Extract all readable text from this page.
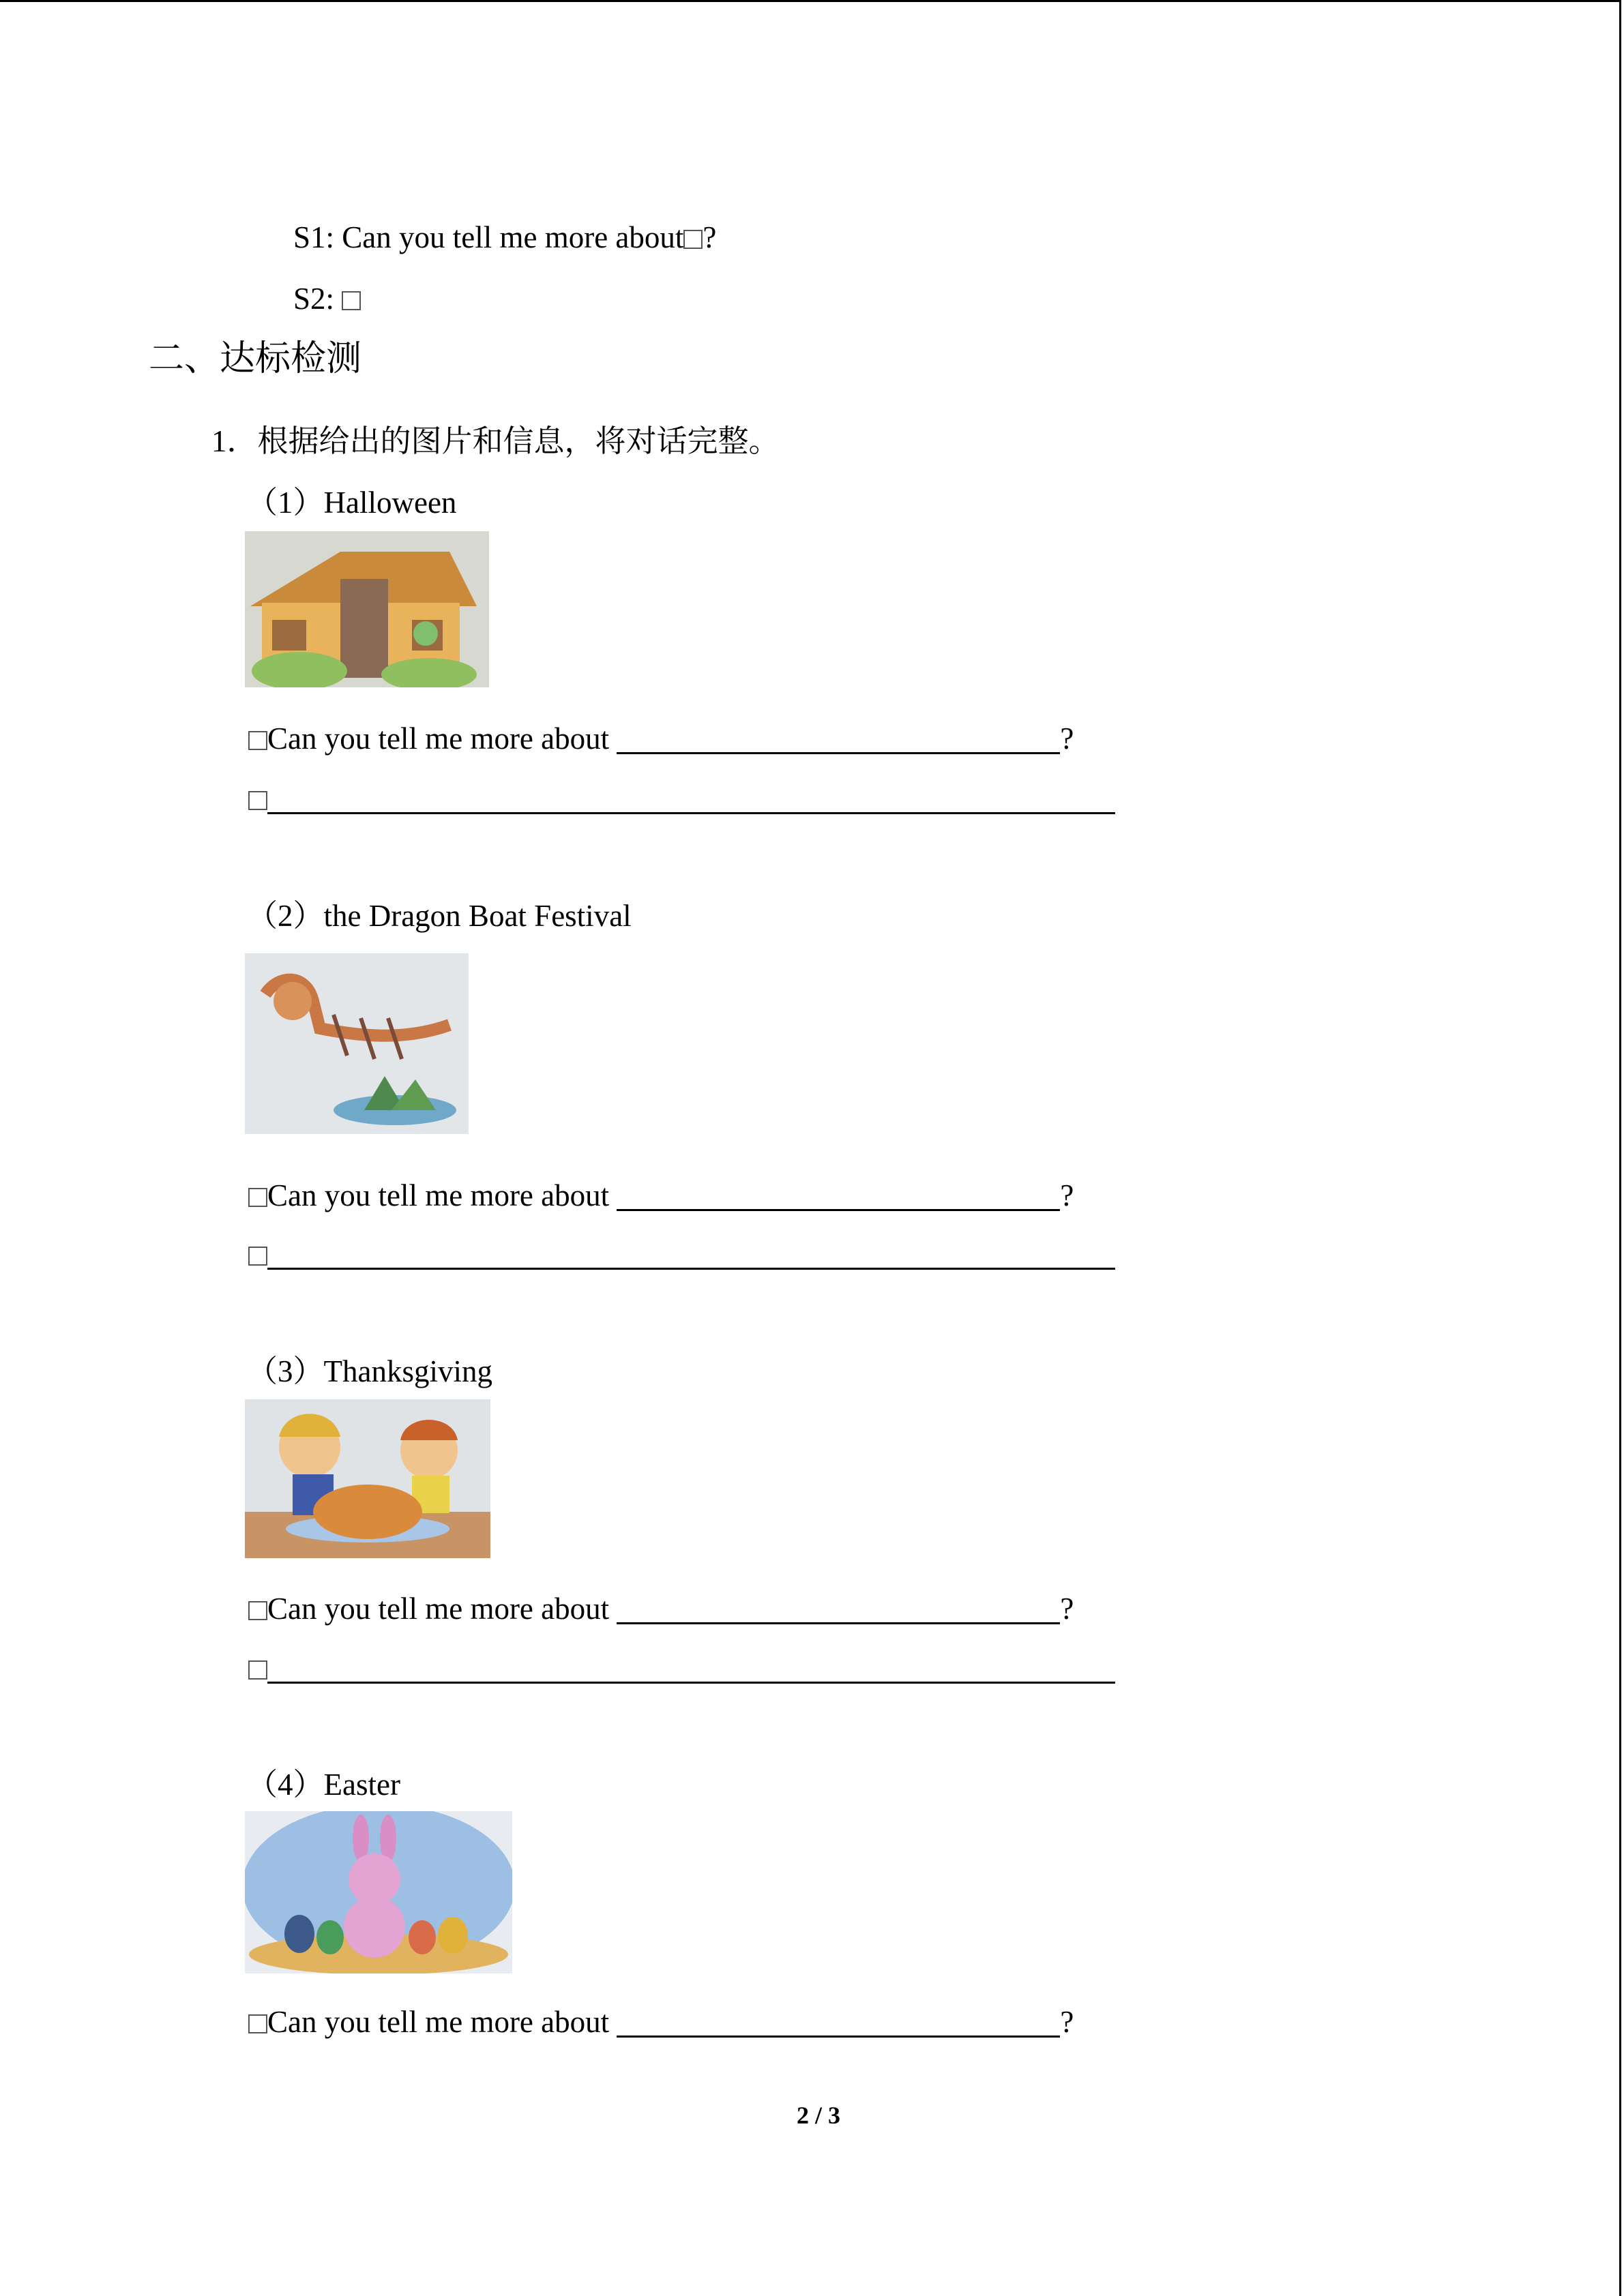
S1: Can you tell me more about ?
S2:
二、达标检测
1．根据给出的图片和信息，将对话完整。
（1）Halloween
Can you tell me more about	?
（2）the Dragon Boat Festival
Can you tell me more about	?
（3）Thanksgiving
Can you tell me more about	?
（4）Easter
Can you tell me more about	?
2 / 3
